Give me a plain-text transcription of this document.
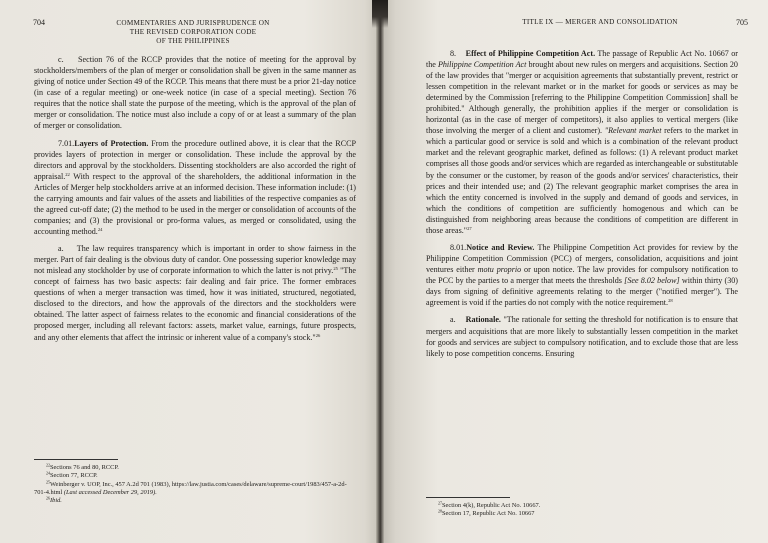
704	COMMENTARIES AND JURISPRUDENCE ON
THE REVISED CORPORATION CODE
OF THE PHILIPPINES

c. Section 76 of the RCCP provides that the notice of meeting for the approval by stockholders/members of the plan of merger or consolidation shall be given in the same manner as giving of notice under Section 49 of the RCCP. This means that there must be a prior 21-day notice (in case of a regular meeting) or one-week notice (in case of a special meeting). Section 76 requires that the notice shall state the purpose of the meeting, which is the approval of the plan of merger or consolidation. The notice must also include a copy of or at least a summary of the plan of merger or consolidation.

7.01.Layers of Protection. From the procedure outlined above, it is clear that the RCCP provides layers of protection in merger or consolidation. These include the approval by the directors and approval by the stockholders. Dissenting stockholders are also accorded the right of appraisal.$^{22}$ With respect to the approval of the shareholders, the additional information in the Articles of Merger help stockholders arrive at an informed decision. These information include: (1) the carrying amounts and fair values of the assets and liabilities of the respective companies as of the agreed cut-off date; (2) the method to be used in the merger or consolidation of accounts of the companies; and (3) the provisional or pro-forma values, as merged or consolidated, using the accounting method.$^{24}$

a. The law requires transparency which is important in order to show fairness in the merger. Part of fair dealing is the obvious duty of candor. One possessing superior knowledge may not mislead any stockholder by use of corporate information to which the latter is not privy.$^{25}$ "The concept of fairness has two basic aspects: fair dealing and fair price. The former embraces questions of when a merger transaction was timed, how it was initiated, structured, negotiated, disclosed to the directors, and how the approvals of the directors and the stockholders were obtained. The latter aspect of fairness relates to the economic and financial considerations of the proposed merger, including all relevant factors: assets, market value, earnings, future prospects, and any other elements that affect the intrinsic or inherent value of a company's stock."$^{26}$

$^{22}$Sections 76 and 80, RCCP.
$^{24}$Section 77, RCCP.
$^{25}$Weinberger v. UOP, Inc., 457 A.2d 701 (1983), https://law.justia.com/cases/delaware/supreme-court/1983/457-a-2d-701-4.html (Last accessed December 29, 2019).
$^{26}$Ibid.
TITLE IX — MERGER AND CONSOLIDATION	705

8. Effect of Philippine Competition Act. The passage of Republic Act No. 10667 or the Philippine Competition Act brought about new rules on mergers and acquisitions. Section 20 of the law provides that "merger or acquisition agreements that substantially prevent, restrict or lessen competition in the relevant market or in the market for goods or services as may be determined by the Commission [referring to the Philippine Competition Commission] shall be prohibited." Although generally, the prohibition applies if the merger or consolidation is horizontal (as in the case of merger of competitors), it also applies to vertical mergers (like those involving the merger of a client and customer). "Relevant market refers to the market in which a particular good or service is sold and which is a combination of the relevant product market and the relevant geographic market, defined as follows: (1) A relevant product market comprises all those goods and/or services which are regarded as interchangeable or substitutable by the consumer or the customer, by reason of the goods and/or services' characteristics, their prices and their intended use; and (2) The relevant geographic market comprises the area in which the entity concerned is involved in the supply and demand of goods and services, in which the conditions of competition are sufficiently homogenous and which can be distinguished from neighboring areas because the conditions of competition are different in those areas."$^{27}$

8.01.Notice and Review. The Philippine Competition Act provides for review by the Philippine Competition Commission (PCC) of mergers, consolidation, acquisitions and joint ventures either motu proprio or upon notice. The law provides for compulsory notification to the PCC by the parties to a merger that meets the thresholds [See 8.02 below] within thirty (30) days from signing of definitive agreements relating to the merger ("notified merger"). The agreement is void if the parties do not comply with the notice requirement.$^{28}$

a. Rationale. "The rationale for setting the threshold for notification is to ensure that mergers and acquisitions that are more likely to substantially lessen competition in the market for goods and services are subject to compulsory notification, and to exclude those that are less likely to pose competition concerns. Ensuring

$^{27}$Section 4(k), Republic Act No. 10667.
$^{28}$Section 17, Republic Act No. 10667
